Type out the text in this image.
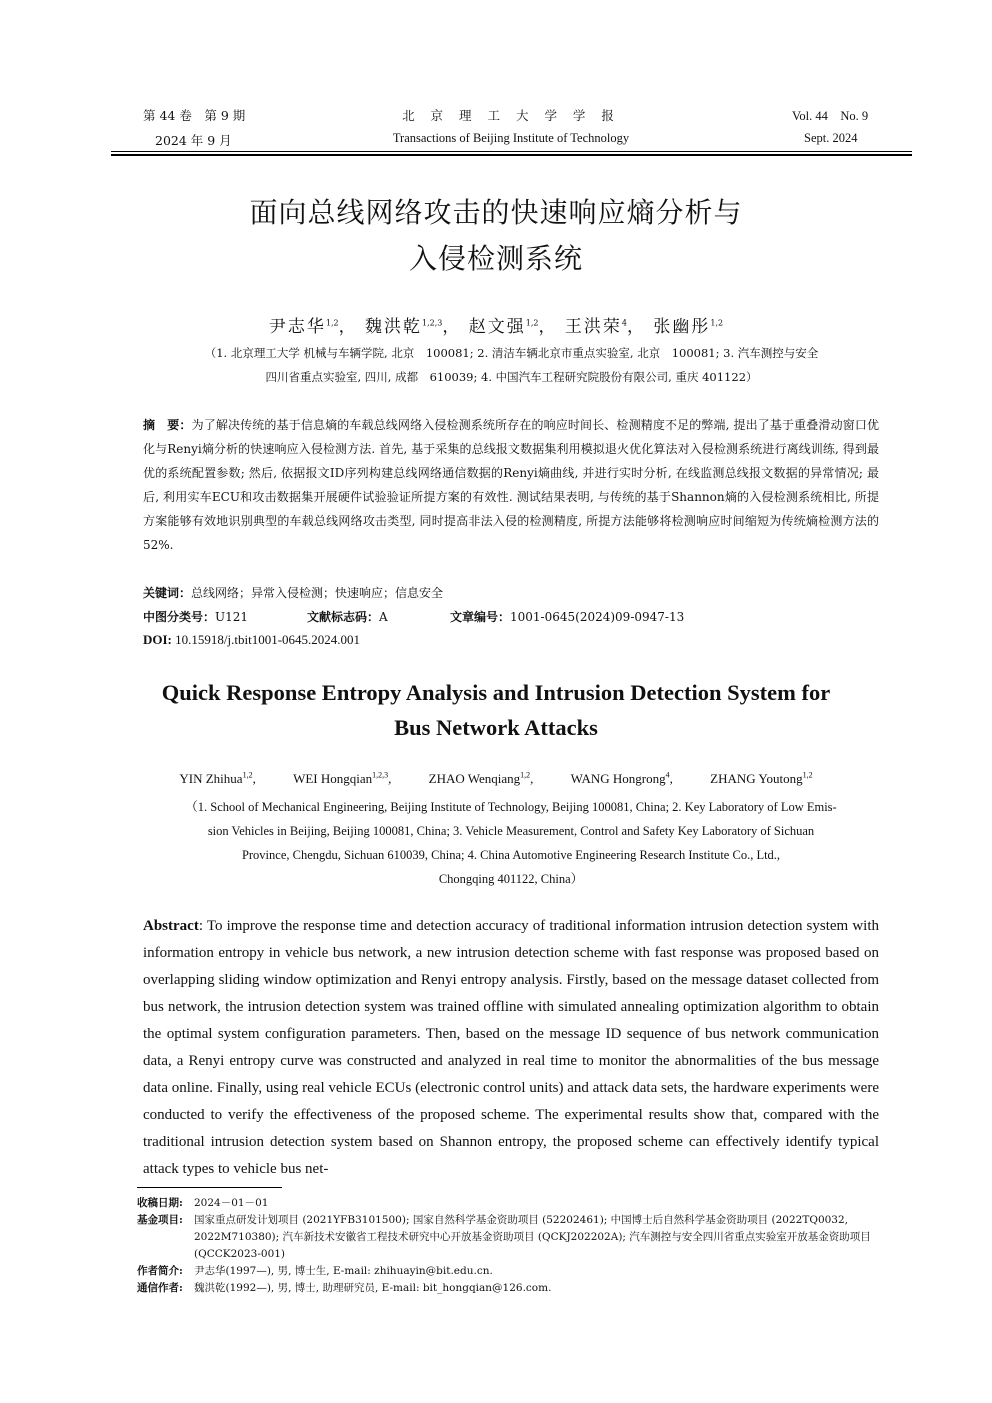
第 44 卷　第 9 期
2024 年 9 月
北 京 理 工 大 学 学 报
Transactions of Beijing Institute of Technology
Vol. 44　No. 9
Sept. 2024
面向总线网络攻击的快速响应熵分析与
入侵检测系统
尹志华$^{1,2}$， 魏洪乾$^{1,2,3}$， 赵文强$^{1,2}$， 王洪荣$^4$， 张幽彤$^{1,2}$
（1. 北京理工大学 机械与车辆学院, 北京　100081; 2. 清洁车辆北京市重点实验室, 北京　100081; 3. 汽车测控与安全
四川省重点实验室, 四川, 成都　610039; 4. 中国汽车工程研究院股份有限公司, 重庆 401122）
摘　要：为了解决传统的基于信息熵的车载总线网络入侵检测系统所存在的响应时间长、检测精度不足的弊端, 提出了基于重叠滑动窗口优化与Renyi熵分析的快速响应入侵检测方法. 首先, 基于采集的总线报文数据集利用模拟退火优化算法对入侵检测系统进行离线训练, 得到最优的系统配置参数; 然后, 依据报文ID序列构建总线网络通信数据的Renyi熵曲线, 并进行实时分析, 在线监测总线报文数据的异常情况; 最后, 利用实车ECU和攻击数据集开展硬件试验验证所提方案的有效性. 测试结果表明, 与传统的基于Shannon熵的入侵检测系统相比, 所提方案能够有效地识别典型的车载总线网络攻击类型, 同时提高非法入侵的检测精度, 所提方法能够将检测响应时间缩短为传统熵检测方法的52%.
关键词：总线网络；异常入侵检测；快速响应；信息安全
中图分类号：U121	文献标志码：A	文章编号：1001-0645(2024)09-0947-13
DOI: 10.15918/j.tbit1001-0645.2024.001
Quick Response Entropy Analysis and Intrusion Detection System for
Bus Network Attacks
YIN Zhihua$^{1,2}$,	WEI Hongqian$^{1,2,3}$,	ZHAO Wenqiang$^{1,2}$,	WANG Hongrong$^4$,	ZHANG Youtong$^{1,2}$
（1. School of Mechanical Engineering, Beijing Institute of Technology, Beijing 100081, China; 2. Key Laboratory of Low Emis-
sion Vehicles in Beijing, Beijing 100081, China; 3. Vehicle Measurement, Control and Safety Key Laboratory of Sichuan
Province, Chengdu, Sichuan 610039, China; 4. China Automotive Engineering Research Institute Co., Ltd.,
Chongqing 401122, China）
Abstract: To improve the response time and detection accuracy of traditional information intrusion detection system with information entropy in vehicle bus network, a new intrusion detection scheme with fast response was proposed based on overlapping sliding window optimization and Renyi entropy analysis. Firstly, based on the message dataset collected from bus network, the intrusion detection system was trained offline with simulated annealing optimization algorithm to obtain the optimal system configuration parameters. Then, based on the message ID sequence of bus network communication data, a Renyi entropy curve was constructed and analyzed in real time to monitor the abnormalities of the bus message data online. Finally, using real vehicle ECUs (electronic control units) and attack data sets, the hardware experiments were conducted to verify the effectiveness of the proposed scheme. The experimental results show that, compared with the traditional intrusion detection system based on Shannon entropy, the proposed scheme can effectively identify typical attack types to vehicle bus net-
收稿日期:	2024－01－01
基金项目:	国家重点研发计划项目 (2021YFB3101500); 国家自然科学基金资助项目 (52202461); 中国博士后自然科学基金资助项目 (2022TQ0032, 2022M710380); 汽车新技术安徽省工程技术研究中心开放基金资助项目 (QCKJ202202A); 汽车测控与安全四川省重点实验室开放基金资助项目(QCCK2023-001)
作者简介:	尹志华(1997—), 男, 博士生, E-mail: zhihuayin@bit.edu.cn.
通信作者:	魏洪乾(1992—), 男, 博士, 助理研究员, E-mail: bit_hongqian@126.com.
